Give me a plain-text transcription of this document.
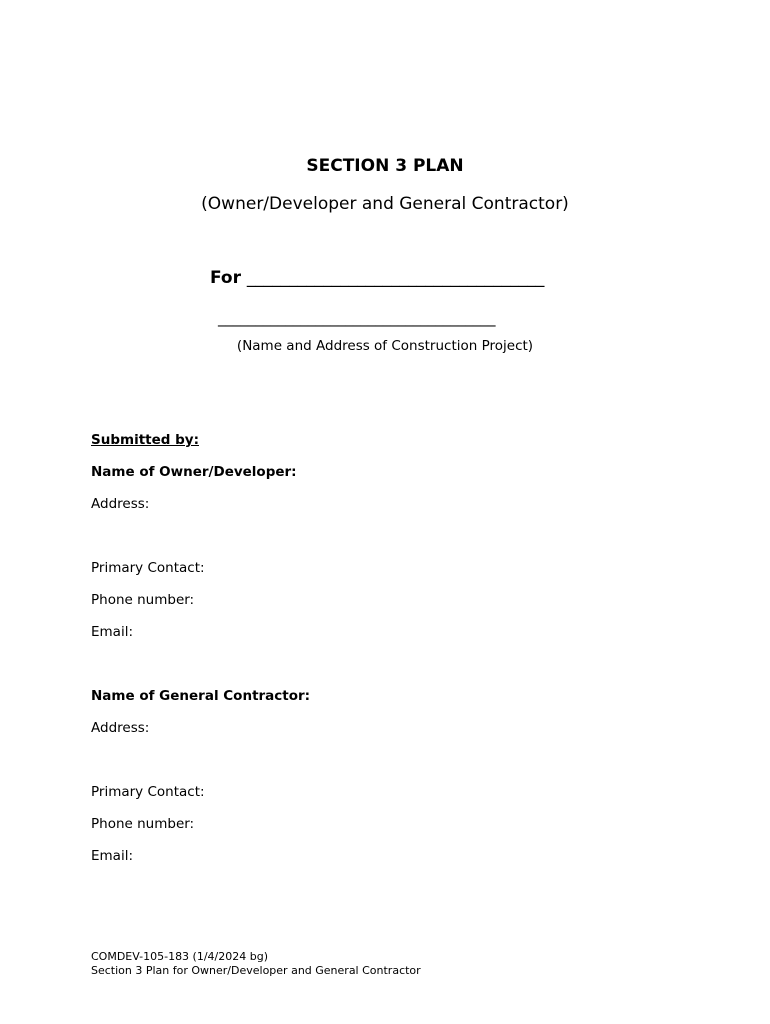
SECTION 3 PLAN
(Owner/Developer and General Contractor)
For ___________________________________
_____________________________________
(Name and Address of Construction Project)
Submitted by:
Name of Owner/Developer:
Address:
Primary Contact:
Phone number:
Email:
Name of General Contractor:
Address:
Primary Contact:
Phone number:
Email:
COMDEV-105-183 (1/4/2024 bg)
Section 3 Plan for Owner/Developer and General Contractor
